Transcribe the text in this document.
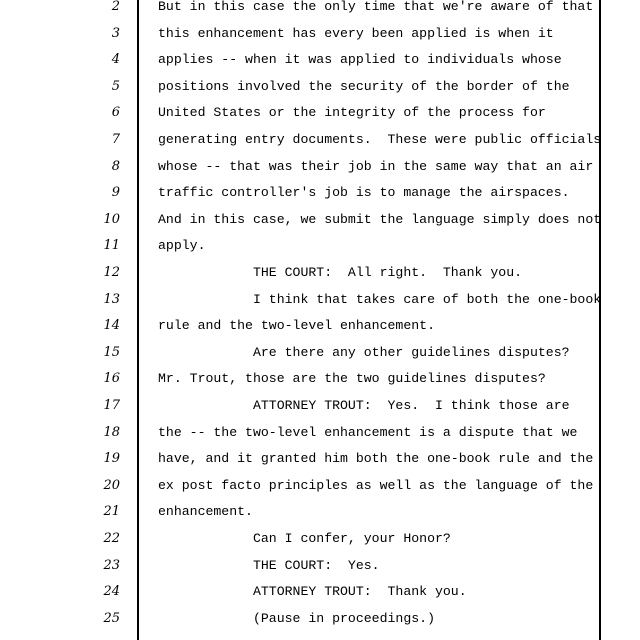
2	But in this case the only time that we're aware of that
3	this enhancement has every been applied is when it
4	applies -- when it was applied to individuals whose
5	positions involved the security of the border of the
6	United States or the integrity of the process for
7	generating entry documents.  These were public officials
8	whose -- that was their job in the same way that an air
9	traffic controller's job is to manage the airspaces.
10	And in this case, we submit the language simply does not
11	apply.
12	THE COURT:  All right.  Thank you.
13	I think that takes care of both the one-book
14	rule and the two-level enhancement.
15	Are there any other guidelines disputes?
16	Mr. Trout, those are the two guidelines disputes?
17	ATTORNEY TROUT:  Yes.  I think those are
18	the -- the two-level enhancement is a dispute that we
19	have, and it granted him both the one-book rule and the
20	ex post facto principles as well as the language of the
21	enhancement.
22	Can I confer, your Honor?
23	THE COURT:  Yes.
24	ATTORNEY TROUT:  Thank you.
25	(Pause in proceedings.)
